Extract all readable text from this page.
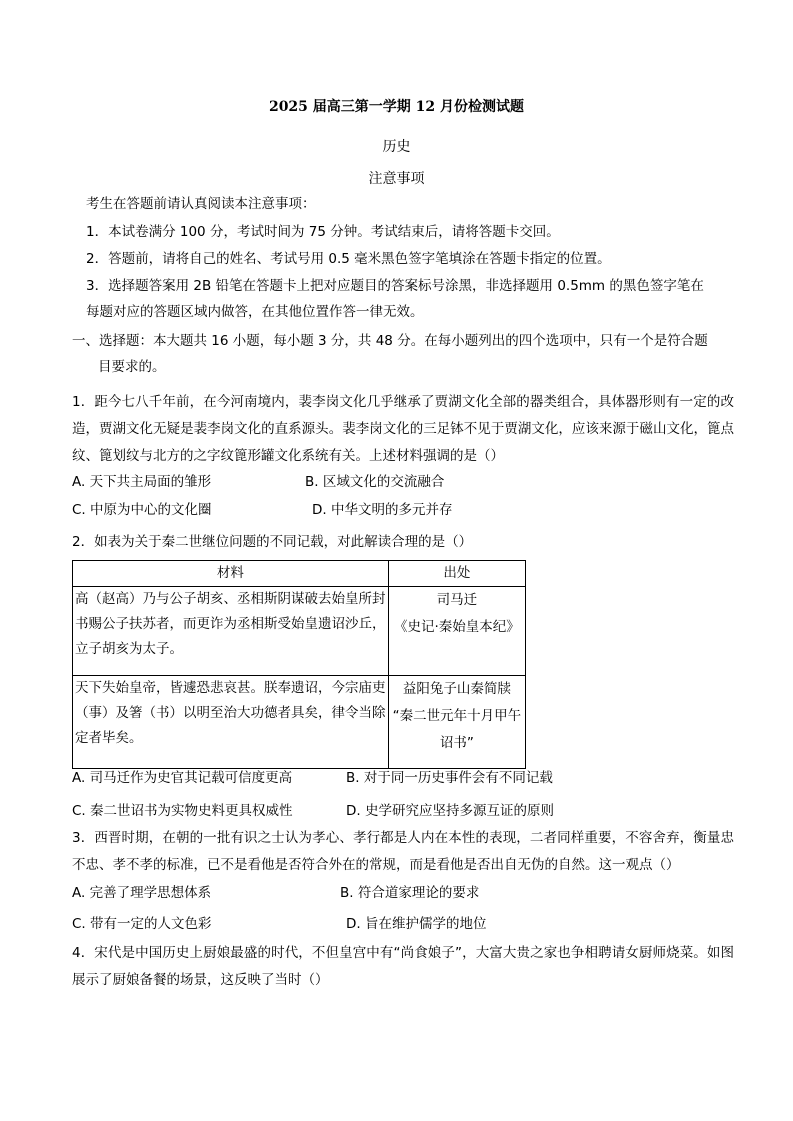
2025 届高三第一学期 12 月份检测试题
历史
注意事项
考生在答题前请认真阅读本注意事项：
1．本试卷满分 100 分，考试时间为 75 分钟。考试结束后，请将答题卡交回。
2．答题前，请将自己的姓名、考试号用 0.5 毫米黑色签字笔填涂在答题卡指定的位置。
3．选择题答案用 2B 铅笔在答题卡上把对应题目的答案标号涂黑，非选择题用 0.5mm 的黑色签字笔在
每题对应的答题区域内做答，在其他位置作答一律无效。
一、选择题：本大题共 16 小题，每小题 3 分，共 48 分。在每小题列出的四个选项中，只有一个是符合题
目要求的。
1．距今七八千年前，在今河南境内，裴李岗文化几乎继承了贾湖文化全部的器类组合，具体器形则有一定的改造，贾湖文化无疑是裴李岗文化的直系源头。裴李岗文化的三足钵不见于贾湖文化，应该来源于磁山文化，篦点纹、篦划纹与北方的之字纹篦形罐文化系统有关。上述材料强调的是（）
A. 天下共主局面的雏形	B. 区域文化的交流融合
C. 中原为中心的文化圈	D. 中华文明的多元并存
2．如表为关于秦二世继位问题的不同记载，对此解读合理的是（）
材料	出处
高（赵高）乃与公子胡亥、丞相斯阴谋破去始皇所封书赐公子扶苏者，而更诈为丞相斯受始皇遗诏沙丘，立子胡亥为太子。	司马迁
《史记·秦始皇本纪》

天下失始皇帝，皆遽恐悲哀甚。朕奉遗诏，今宗庙吏（事）及箸（书）以明至治大功德者具矣，律令当除定者毕矣。	益阳兔子山秦简牍
“秦二世元年十月甲午诏书”
A. 司马迁作为史官其记载可信度更高	B. 对于同一历史事件会有不同记载
C. 秦二世诏书为实物史料更具权威性	D. 史学研究应坚持多源互证的原则
3．西晋时期，在朝的一批有识之士认为孝心、孝行都是人内在本性的表现，二者同样重要，不容舍弃，衡量忠不忠、孝不孝的标准，已不是看他是否符合外在的常规，而是看他是否出自无伪的自然。这一观点（）
A. 完善了理学思想体系	B. 符合道家理论的要求
C. 带有一定的人文色彩	D. 旨在维护儒学的地位
4．宋代是中国历史上厨娘最盛的时代，不但皇宫中有“尚食娘子”，大富大贵之家也争相聘请女厨师烧菜。如图展示了厨娘备餐的场景，这反映了当时（）
